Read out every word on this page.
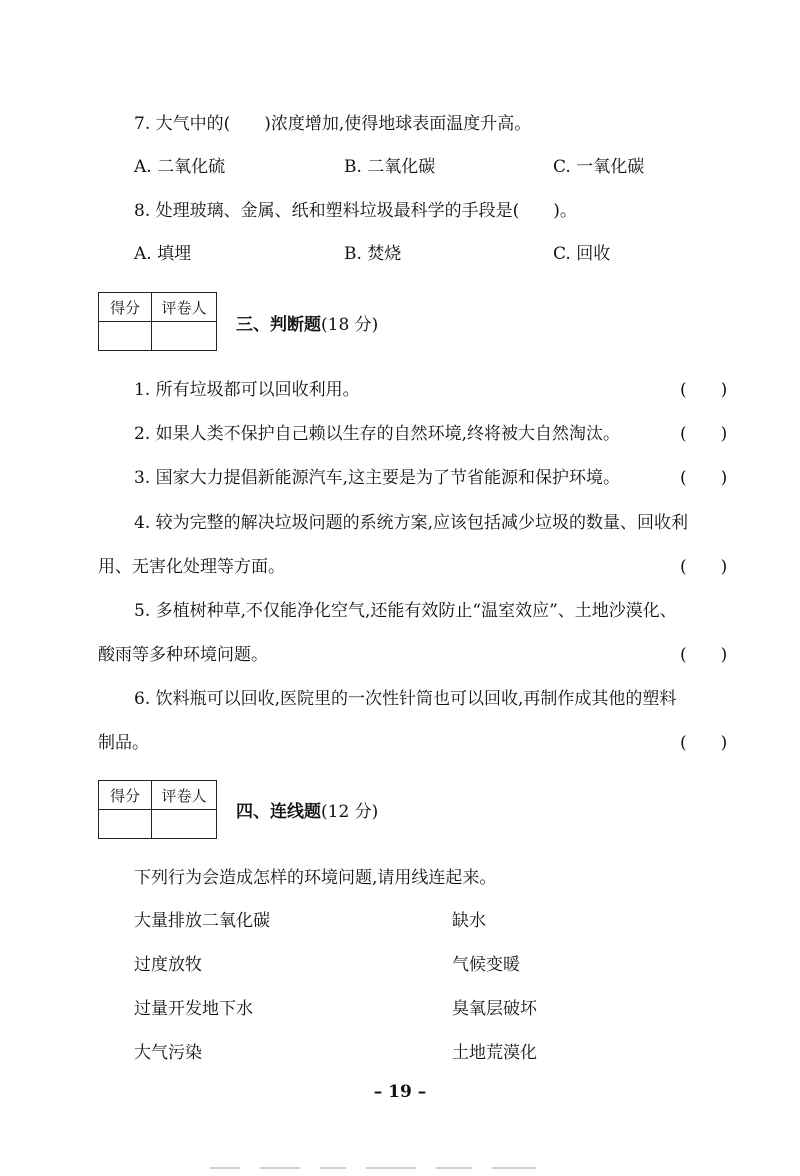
7. 大气中的(　　)浓度增加,使得地球表面温度升高。
A. 二氧化硫	B. 二氧化碳	C. 一氧化碳
8. 处理玻璃、金属、纸和塑料垃圾最科学的手段是(　　)。
A. 填埋	B. 焚烧	C. 回收
得分	评卷人

三、判断题(18 分)
1. 所有垃圾都可以回收利用。	(　　)
2. 如果人类不保护自己赖以生存的自然环境,终将被大自然淘汰。	(　　)
3. 国家大力提倡新能源汽车,这主要是为了节省能源和保护环境。	(　　)
4. 较为完整的解决垃圾问题的系统方案,应该包括减少垃圾的数量、回收利
用、无害化处理等方面。	(　　)
5. 多植树种草,不仅能净化空气,还能有效防止“温室效应”、土地沙漠化、
酸雨等多种环境问题。	(　　)
6. 饮料瓶可以回收,医院里的一次性针筒也可以回收,再制作成其他的塑料
制品。	(　　)
得分	评卷人

四、连线题(12 分)
下列行为会造成怎样的环境问题,请用线连起来。
大量排放二氧化碳	缺水
过度放牧	气候变暖
过量开发地下水	臭氧层破坏
大气污染	土地荒漠化
– 19 –
